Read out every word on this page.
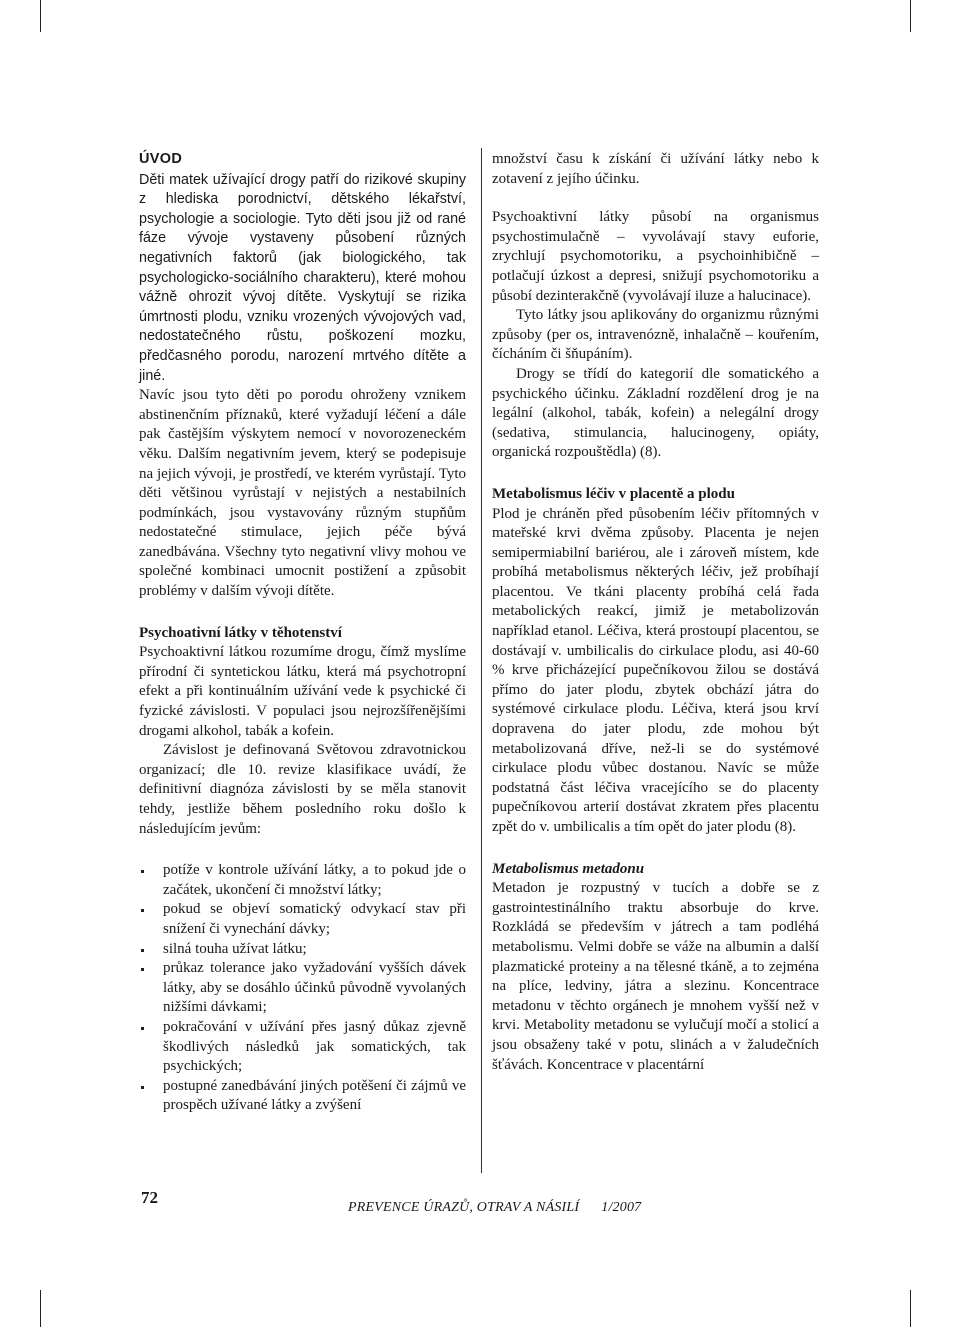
ÚVOD

Děti matek užívající drogy patří do rizikové skupiny z hlediska porodnictví, dětského lékařství, psychologie a sociologie. Tyto děti jsou již od rané fáze vývoje vystaveny působení různých negativních faktorů (jak biologického, tak psychologicko-sociálního charakteru), které mohou vážně ohrozit vývoj dítěte. Vyskytují se rizika úmrtnosti plodu, vzniku vrozených vývojových vad, nedostatečného růstu, poškození mozku, předčasného porodu, narození mrtvého dítěte a jiné.

Navíc jsou tyto děti po porodu ohroženy vznikem abstinenčním příznaků, které vyžadují léčení a dále pak častějším výskytem nemocí v novorozeneckém věku. Dalším negativním jevem, který se podepisuje na jejich vývoji, je prostředí, ve kterém vyrůstají. Tyto děti většinou vyrůstají v nejistých a nestabilních podmínkách, jsou vystavovány různým stupňům nedostatečné stimulace, jejich péče bývá zanedbávána. Všechny tyto negativní vlivy mohou ve společné kombinaci umocnit postižení a způsobit problémy v dalším vývoji dítěte.

Psychoativní látky v těhotenství

Psychoaktivní látkou rozumíme drogu, čímž myslíme přírodní či syntetickou látku, která má psychotropní efekt a při kontinuálním užívání vede k psychické či fyzické závislosti. V populaci jsou nejrozšířenějšími drogami alkohol, tabák a kofein.

Závislost je definovaná Světovou zdravotnickou organizací; dle 10. revize klasifikace uvádí, že definitivní diagnóza závislosti by se měla stanovit tehdy, jestliže během posledního roku došlo k následujícím jevům:

potíže v kontrole užívání látky, a to pokud jde o začátek, ukončení či množství látky;
pokud se objeví somatický odvykací stav při snížení či vynechání dávky;
silná touha užívat látku;
průkaz tolerance jako vyžadování vyšších dávek látky, aby se dosáhlo účinků původně vyvolaných nižšími dávkami;
pokračování v užívání přes jasný důkaz zjevně škodlivých následků jak somatických, tak psychických;
postupné zanedbávání jiných potěšení či zájmů ve prospěch užívané látky a zvýšení

množství času k získání či užívání látky nebo k zotavení z jejího účinku.

Psychoaktivní látky působí na organismus psychostimulačně – vyvolávají stavy euforie, zrychlují psychomotoriku, a psychoinhibičně – potlačují úzkost a depresi, snižují psychomotoriku a působí dezinterakčně (vyvolávají iluze a halucinace).

Tyto látky jsou aplikovány do organizmu různými způsoby (per os, intravenózně, inhalačně – kouřením, čícháním či šňupáním).

Drogy se třídí do kategorií dle somatického a psychického účinku. Základní rozdělení drog je na legální (alkohol, tabák, kofein) a nelegální drogy (sedativa, stimulancia, halucinogeny, opiáty, organická rozpouštědla) (8).

Metabolismus léčiv v placentě a plodu

Plod je chráněn před působením léčiv přítomných v mateřské krvi dvěma způsoby. Placenta je nejen semipermiabilní bariérou, ale i zároveň místem, kde probíhá metabolismus některých léčiv, jež probíhají placentou. Ve tkáni placenty probíhá celá řada metabolických reakcí, jimiž je metabolizován například etanol. Léčiva, která prostoupí placentou, se dostávají v. umbilicalis do cirkulace plodu, asi 40-60 % krve přicházející pupečníkovou žilou se dostává přímo do jater plodu, zbytek obchází játra do systémové cirkulace plodu. Léčiva, která jsou krví dopravena do jater plodu, zde mohou být metabolizovaná dříve, než-li se do systémové cirkulace plodu vůbec dostanou. Navíc se může podstatná část léčiva vracejícího se do placenty pupečníkovou arterií dostávat zkratem přes placentu zpět do v. umbilicalis a tím opět do jater plodu (8).

Metabolismus metadonu

Metadon je rozpustný v tucích a dobře se z gastrointestinálního traktu absorbuje do krve. Rozkládá se především v játrech a tam podléhá metabolismu. Velmi dobře se váže na albumin a další plazmatické proteiny a na tělesné tkáně, a to zejména na plíce, ledviny, játra a slezinu. Koncentrace metadonu v těchto orgánech je mnohem vyšší než v krvi. Metabolity metadonu se vylučují močí a stolicí a jsou obsaženy také v potu, slinách a v žaludečních šťávách. Koncentrace v placentární

72
PREVENCE ÚRAZŮ, OTRAV A NÁSILÍ 1/2007
